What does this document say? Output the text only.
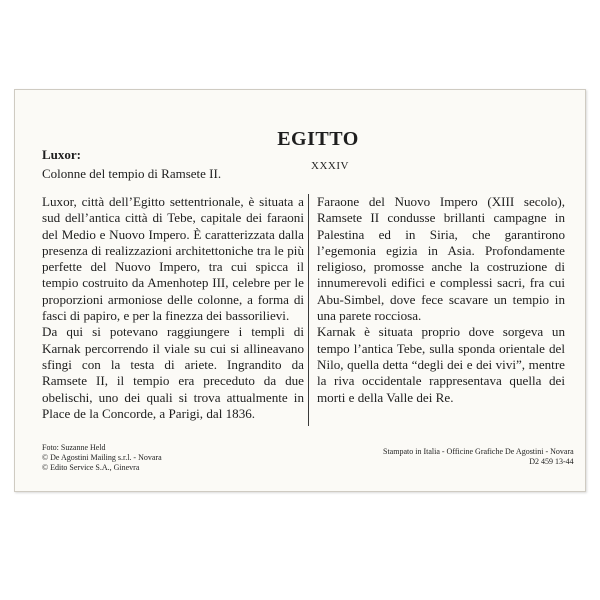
EGITTO
XXXIV
Luxor:
Colonne del tempio di Ramsete II.

Luxor, città dell’Egitto settentrionale, è situata a sud dell’antica città di Tebe, capitale dei faraoni del Medio e Nuovo Impero. È caratterizzata dalla presenza di realizzazioni architettoniche tra le più perfette del Nuovo Impero, tra cui spicca il tempio costruito da Amenhotep III, celebre per le proporzioni armoniose delle colonne, a forma di fasci di papiro, e per la finezza dei bassorilievi.

Da qui si potevano raggiungere i templi di Karnak percorrendo il viale su cui si allineavano sfingi con la testa di ariete. Ingrandito da Ramsete II, il tempio era preceduto da due obelischi, uno dei quali si trova attualmente in Place de la Concorde, a Parigi, dal 1836.

Faraone del Nuovo Impero (XIII secolo), Ramsete II condusse brillanti campagne in Palestina ed in Siria, che garantirono l’egemonia egizia in Asia. Profondamente religioso, promosse anche la costruzione di innumerevoli edifici e complessi sacri, fra cui Abu-Simbel, dove fece scavare un tempio in una parete rocciosa.

Karnak è situata proprio dove sorgeva un tempo l’antica Tebe, sulla sponda orientale del Nilo, quella detta “degli dei e dei vivi”, mentre la riva occidentale rappresentava quella dei morti e della Valle dei Re.

Foto: Suzanne Held
© De Agostini Mailing s.r.l. - Novara
© Edito Service S.A., Ginevra
Stampato in Italia - Officine Grafiche De Agostini - Novara
D2 459 13-44
